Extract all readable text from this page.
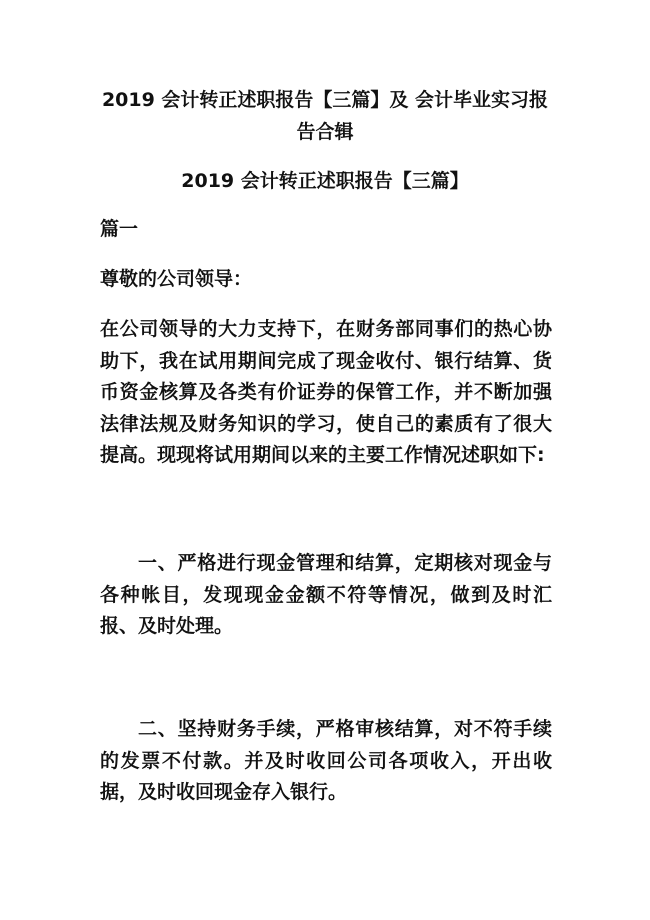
2019 会计转正述职报告【三篇】及 会计毕业实习报
告合辑
2019 会计转正述职报告【三篇】

篇一

尊敬的公司领导：

在公司领导的大力支持下，在财务部同事们的热心协助下，我在试用期间完成了现金收付、银行结算、货币资金核算及各类有价证券的保管工作，并不断加强法律法规及财务知识的学习，使自己的素质有了很大提高。现现将试用期间以来的主要工作情况述职如下:

一、严格进行现金管理和结算，定期核对现金与各种帐目，发现现金金额不符等情况，做到及时汇报、及时处理。

二、坚持财务手续，严格审核结算，对不符手续的发票不付款。并及时收回公司各项收入，开出收据，及时收回现金存入银行。
